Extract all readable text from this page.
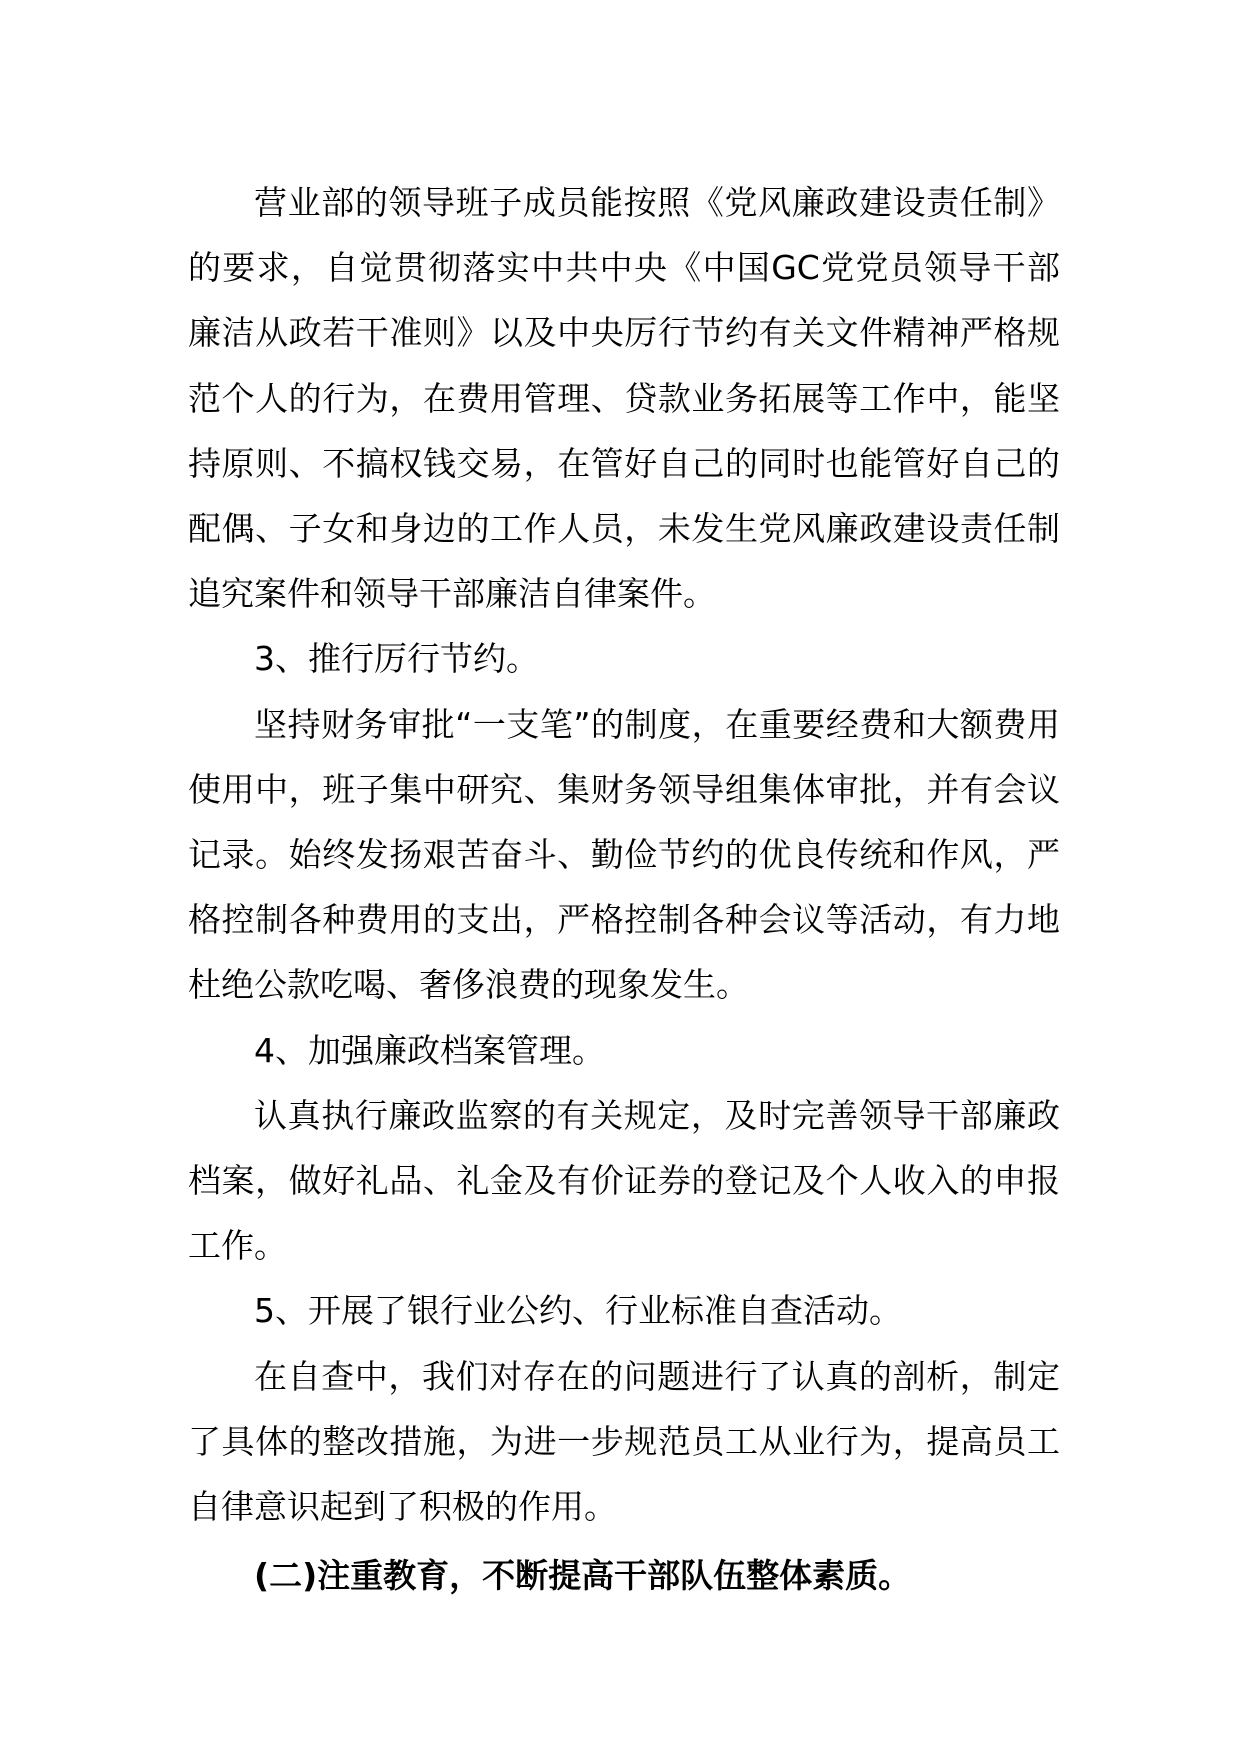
营业部的领导班子成员能按照《党风廉政建设责任制》的要求，自觉贯彻落实中共中央《中国GC党党员领导干部廉洁从政若干准则》以及中央厉行节约有关文件精神严格规范个人的行为，在费用管理、贷款业务拓展等工作中，能坚持原则、不搞权钱交易，在管好自己的同时也能管好自己的配偶、子女和身边的工作人员，未发生党风廉政建设责任制追究案件和领导干部廉洁自律案件。

3、推行厉行节约。

坚持财务审批“一支笔”的制度，在重要经费和大额费用使用中，班子集中研究、集财务领导组集体审批，并有会议记录。始终发扬艰苦奋斗、勤俭节约的优良传统和作风，严格控制各种费用的支出，严格控制各种会议等活动，有力地杜绝公款吃喝、奢侈浪费的现象发生。

4、加强廉政档案管理。

认真执行廉政监察的有关规定，及时完善领导干部廉政档案，做好礼品、礼金及有价证券的登记及个人收入的申报工作。

5、开展了银行业公约、行业标准自查活动。

在自查中，我们对存在的问题进行了认真的剖析，制定了具体的整改措施，为进一步规范员工从业行为，提高员工自律意识起到了积极的作用。

(二)注重教育，不断提高干部队伍整体素质。
